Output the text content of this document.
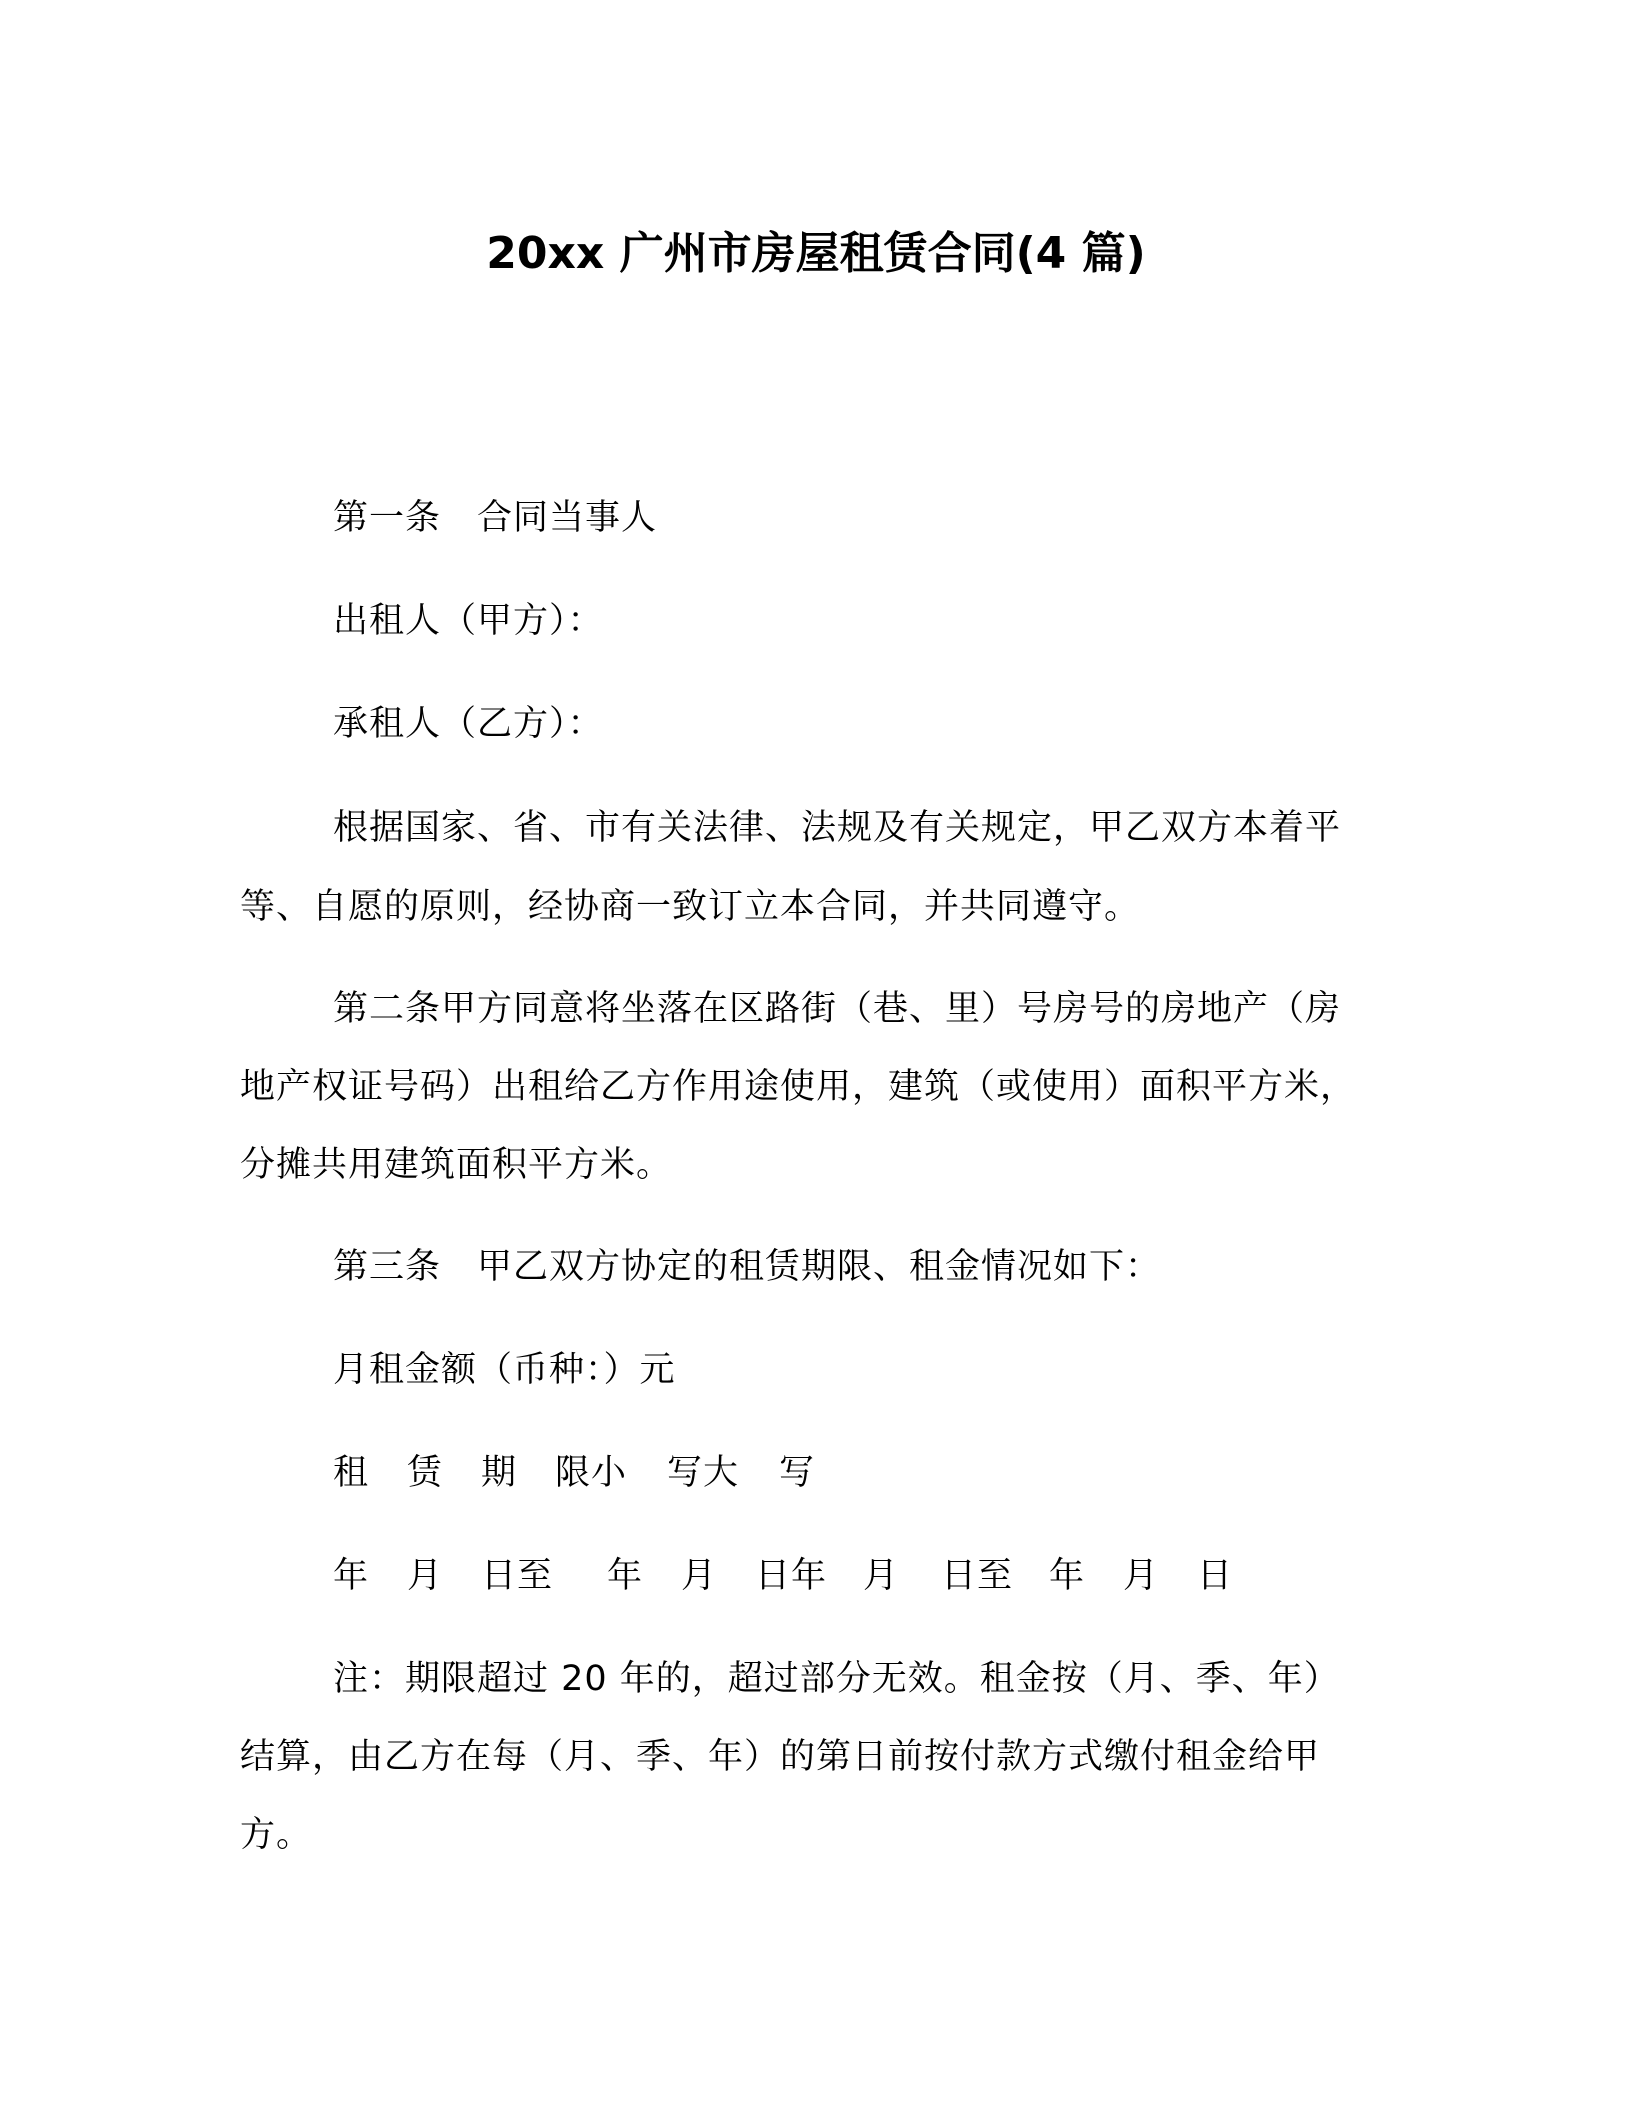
20xx 广州市房屋租赁合同(4 篇)
第一条　合同当事人
出租人（甲方）：
承租人（乙方）：
根据国家、省、市有关法律、法规及有关规定，甲乙双方本着平
等、自愿的原则，经协商一致订立本合同，并共同遵守。
第二条甲方同意将坐落在区路街（巷、里）号房号的房地产（房
地产权证号码）出租给乙方作用途使用，建筑（或使用）面积平方米，
分摊共用建筑面积平方米。
第三条　甲乙双方协定的租赁期限、租金情况如下：
月租金额（币种：）元
租 赁 期 限小 写大 写
年 月 日至 年 月 日年 月 日至 年 月 日
注：期限超过 20 年的，超过部分无效。租金按（月、季、年）
结算，由乙方在每（月、季、年）的第日前按付款方式缴付租金给甲
方。
